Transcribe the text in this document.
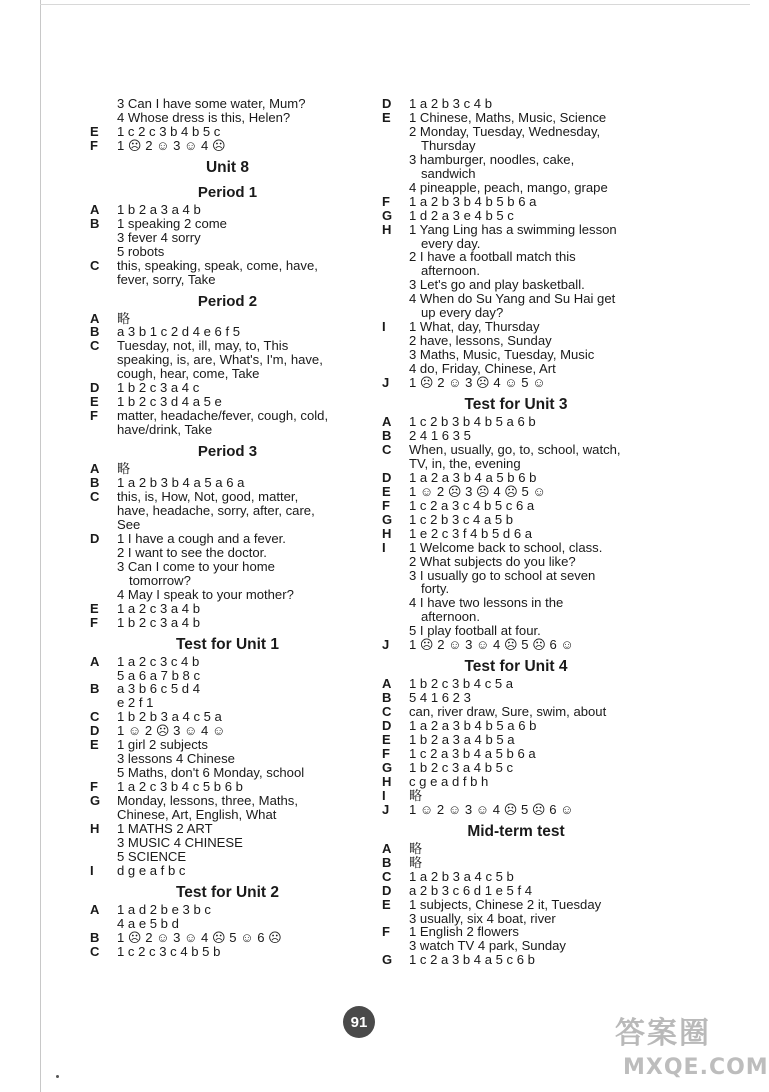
3 Can I have some water, Mum?
4 Whose dress is this, Helen?
E 1 c 2 c 3 b 4 b 5 c
F 1 ☹ 2 ☺ 3 ☺ 4 ☹
Unit 8
Period 1
A 1 b 2 a 3 a 4 b
B 1 speaking 2 come
3 fever 4 sorry
5 robots
C this, speaking, speak, come, have,
fever, sorry, Take
Period 2
A 略
B a 3 b 1 c 2 d 4 e 6 f 5
C Tuesday, not, ill, may, to, This
speaking, is, are, What's, I'm, have,
cough, hear, come, Take
D 1 b 2 c 3 a 4 c
E 1 b 2 c 3 d 4 a 5 e
F matter, headache/fever, cough, cold,
have/drink, Take
Period 3
A 略
B 1 a 2 b 3 b 4 a 5 a 6 a
C this, is, How, Not, good, matter,
have, headache, sorry, after, care,
See
D 1 I have a cough and a fever.
2 I want to see the doctor.
3 Can I come to your home
tomorrow?
4 May I speak to your mother?
E 1 a 2 c 3 a 4 b
F 1 b 2 c 3 a 4 b
Test for Unit 1
A 1 a 2 c 3 c 4 b
5 a 6 a 7 b 8 c
B a 3 b 6 c 5 d 4
e 2 f 1
C 1 b 2 b 3 a 4 c 5 a
D 1 ☺ 2 ☹ 3 ☺ 4 ☺
E 1 girl 2 subjects
3 lessons 4 Chinese
5 Maths, don't 6 Monday, school
F 1 a 2 c 3 b 4 c 5 b 6 b
G Monday, lessons, three, Maths,
Chinese, Art, English, What
H 1 MATHS 2 ART
3 MUSIC 4 CHINESE
5 SCIENCE
I d g e a f b c
Test for Unit 2
A 1 a d 2 b e 3 b c
4 a e 5 b d
B 1 ☹ 2 ☺ 3 ☺ 4 ☹ 5 ☺ 6 ☹
C 1 c 2 c 3 c 4 b 5 b
D 1 a 2 b 3 c 4 b
E 1 Chinese, Maths, Music, Science
2 Monday, Tuesday, Wednesday,
Thursday
3 hamburger, noodles, cake,
sandwich
4 pineapple, peach, mango, grape
F 1 a 2 b 3 b 4 b 5 b 6 a
G 1 d 2 a 3 e 4 b 5 c
H 1 Yang Ling has a swimming lesson
every day.
2 I have a football match this
afternoon.
3 Let's go and play basketball.
4 When do Su Yang and Su Hai get
up every day?
I 1 What, day, Thursday
2 have, lessons, Sunday
3 Maths, Music, Tuesday, Music
4 do, Friday, Chinese, Art
J 1 ☹ 2 ☺ 3 ☹ 4 ☺ 5 ☺
Test for Unit 3
A 1 c 2 b 3 b 4 b 5 a 6 b
B 2 4 1 6 3 5
C When, usually, go, to, school, watch,
TV, in, the, evening
D 1 a 2 a 3 b 4 a 5 b 6 b
E 1 ☺ 2 ☹ 3 ☹ 4 ☹ 5 ☺
F 1 c 2 a 3 c 4 b 5 c 6 a
G 1 c 2 b 3 c 4 a 5 b
H 1 e 2 c 3 f 4 b 5 d 6 a
I 1 Welcome back to school, class.
2 What subjects do you like?
3 I usually go to school at seven
forty.
4 I have two lessons in the
afternoon.
5 I play football at four.
J 1 ☹ 2 ☺ 3 ☺ 4 ☹ 5 ☹ 6 ☺
Test for Unit 4
A 1 b 2 c 3 b 4 c 5 a
B 5 4 1 6 2 3
C can, river draw, Sure, swim, about
D 1 a 2 a 3 b 4 b 5 a 6 b
E 1 b 2 a 3 a 4 b 5 a
F 1 c 2 a 3 b 4 a 5 b 6 a
G 1 b 2 c 3 a 4 b 5 c
H c g e a d f b h
I 略
J 1 ☺ 2 ☺ 3 ☺ 4 ☹ 5 ☹ 6 ☺
Mid-term test
A 略
B 略
C 1 a 2 b 3 a 4 c 5 b
D a 2 b 3 c 6 d 1 e 5 f 4
E 1 subjects, Chinese 2 it, Tuesday
3 usually, six 4 boat, river
F 1 English 2 flowers
3 watch TV 4 park, Sunday
G 1 c 2 a 3 b 4 a 5 c 6 b
91	答案圈
MXQE.COM
